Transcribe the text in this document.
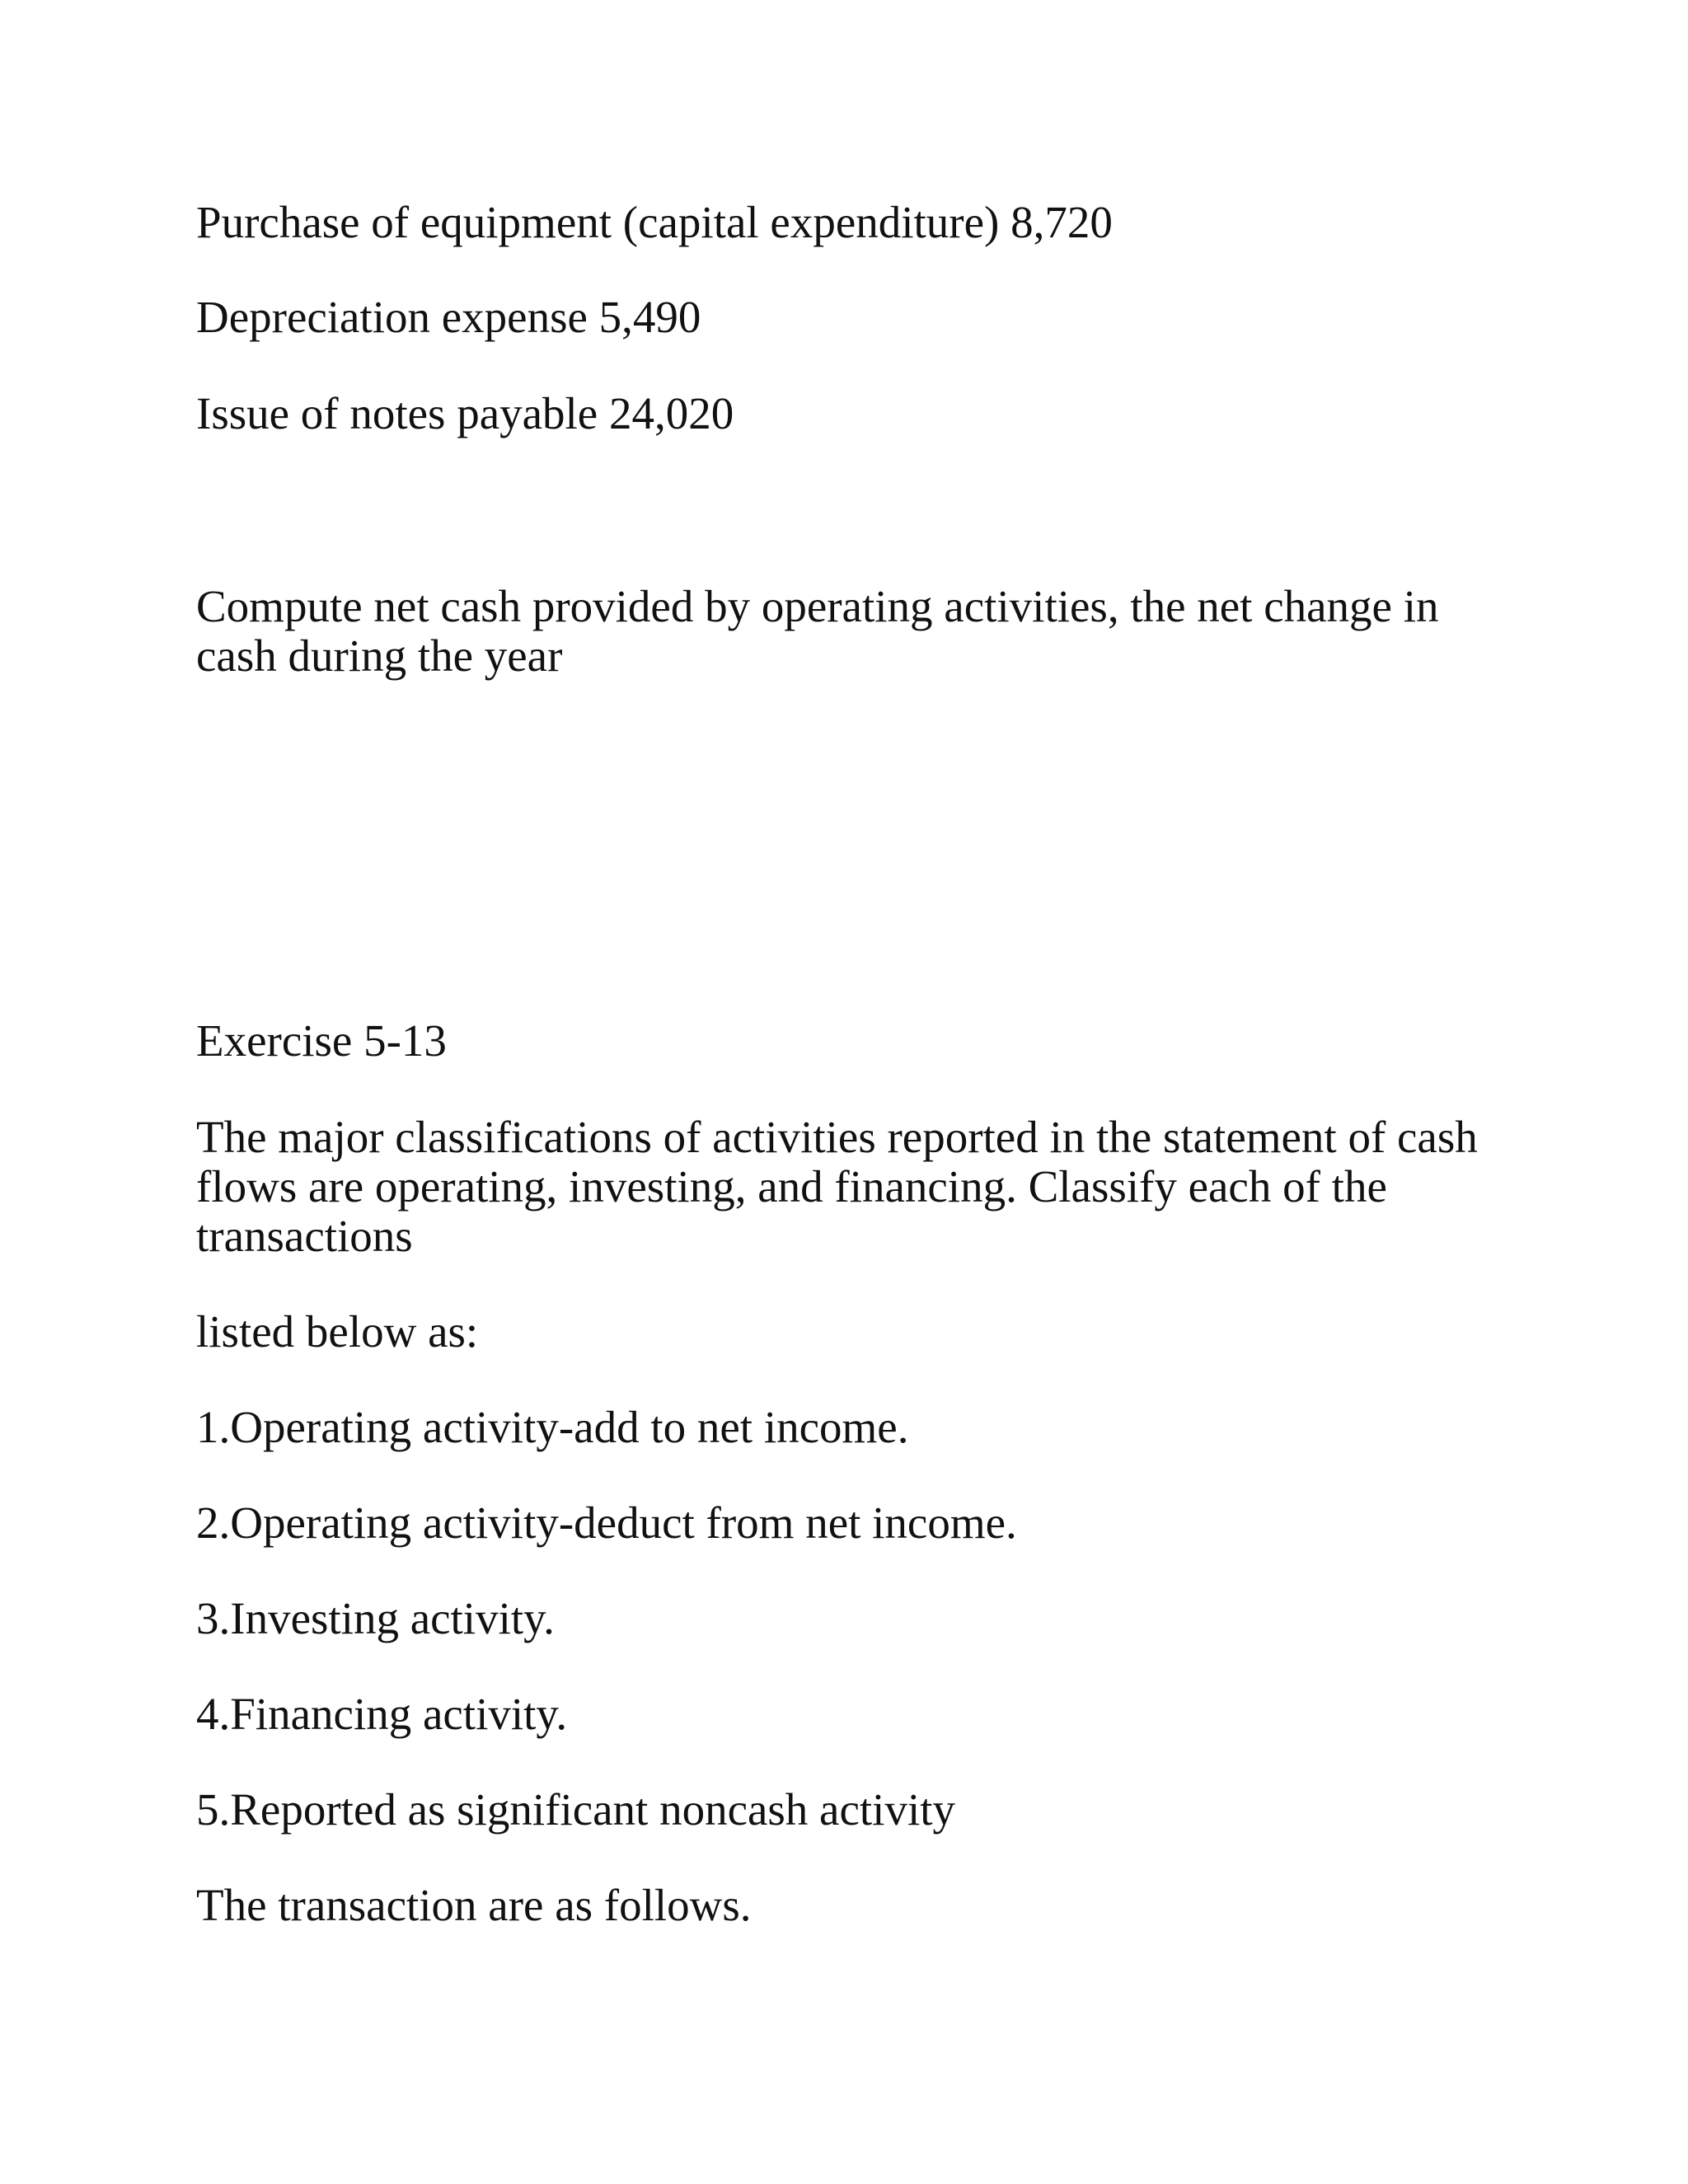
Purchase of equipment (capital expenditure) 8,720

Depreciation expense 5,490

Issue of notes payable 24,020

Compute net cash provided by operating activities, the net change in

cash during the year

Exercise 5-13

The major classifications of activities reported in the statement of cash

flows are operating, investing, and financing. Classify each of the

transactions

listed below as:

1.Operating activity-add to net income.

2.Operating activity-deduct from net income.

3.Investing activity.

4.Financing activity.

5.Reported as significant noncash activity

The transaction are as follows.
